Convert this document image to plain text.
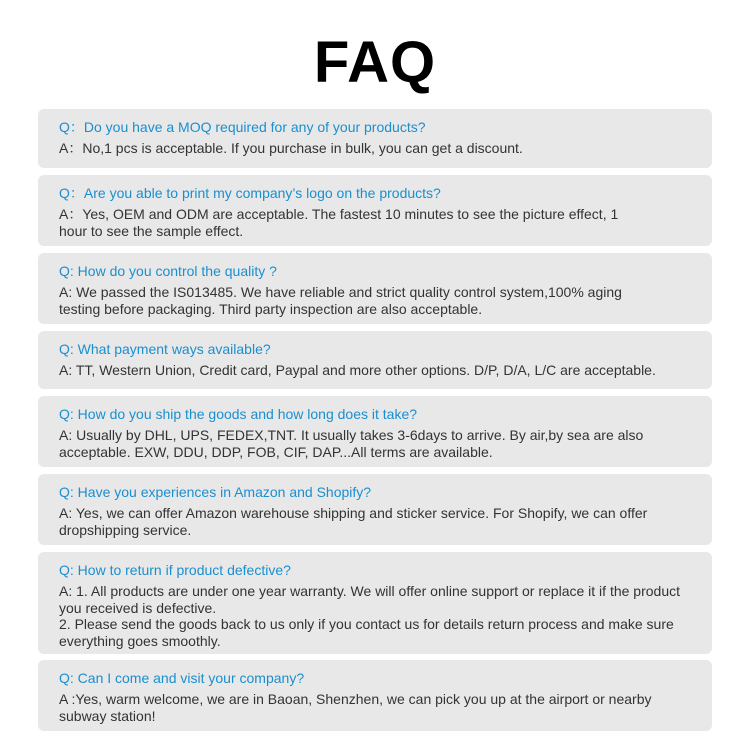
FAQ
Q：Do you have a MOQ required for any of your products?
A：No,1 pcs is acceptable. If you purchase in bulk, you can get a discount.
Q：Are you able to print my company’s logo on the products?
A：Yes, OEM and ODM are acceptable. The fastest 10 minutes to see the picture effect, 1
hour to see the sample effect.
Q: How do you control the quality ?
A: We passed the IS013485. We have reliable and strict quality control system,100% aging
testing before packaging. Third party inspection are also acceptable.
Q: What payment ways available?
A: TT, Western Union, Credit card, Paypal and more other options. D/P, D/A, L/C are acceptable.
Q: How do you ship the goods and how long does it take?
A: Usually by DHL, UPS, FEDEX,TNT. It usually takes 3-6days to arrive. By air,by sea are also
acceptable. EXW, DDU, DDP, FOB, CIF, DAP...All terms are available.
Q: Have you experiences in Amazon and Shopify?
A: Yes, we can offer Amazon warehouse shipping and sticker service. For Shopify, we can offer
dropshipping service.
Q: How to return if product defective?
A: 1. All products are under one year warranty. We will offer online support or replace it if the product
you received is defective.
2. Please send the goods back to us only if you contact us for details return process and make sure
everything goes smoothly.
Q: Can I come and visit your company?
A :Yes, warm welcome, we are in Baoan, Shenzhen, we can pick you up at the airport or nearby
subway station!
